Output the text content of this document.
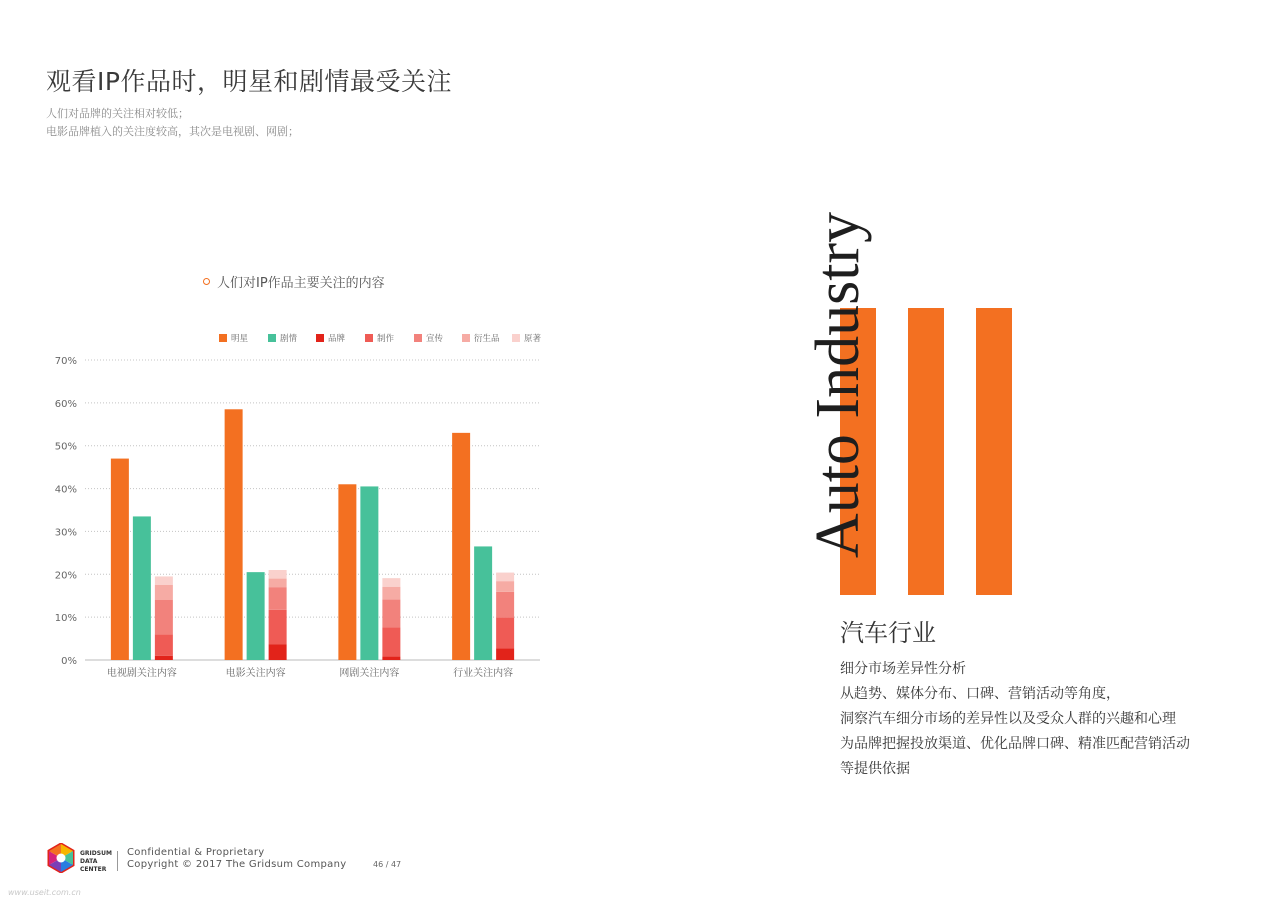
观看IP作品时，明星和剧情最受关注
人们对品牌的关注相对较低；
电影品牌植入的关注度较高，其次是电视剧、网剧；
人们对IP作品主要关注的内容
0%
10%
20%
30%
40%
50%
60%
70%
明星	剧情	品牌	制作	宣传	衍生品	原著
电视剧关注内容	电影关注内容	网剧关注内容	行业关注内容
Auto Industry
汽车行业
细分市场差异性分析
从趋势、媒体分布、口碑、营销活动等角度，
洞察汽车细分市场的差异性以及受众人群的兴趣和心理
为品牌把握投放渠道、优化品牌口碑、精准匹配营销活动
等提供依据
GRIDSUM
DATA
CENTER
Confidential & Proprietary
Copyright © 2017 The Gridsum Company	46 / 47
www.useit.com.cn
